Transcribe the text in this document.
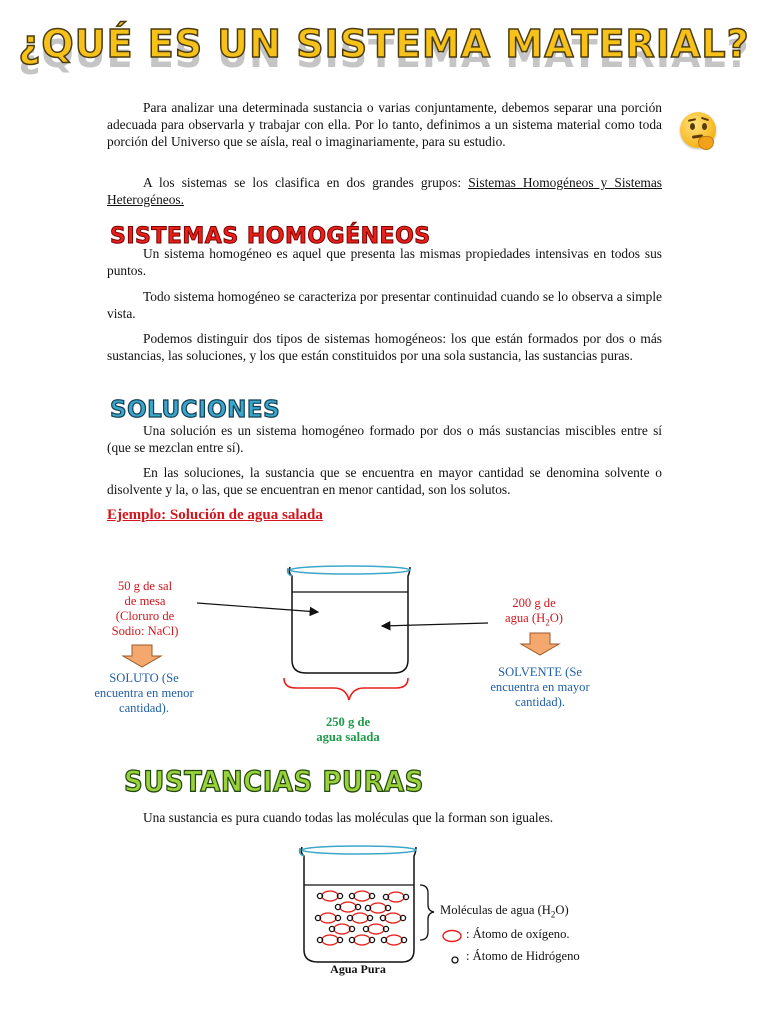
¿QUÉ ES UN SISTEMA MATERIAL?

Para analizar una determinada sustancia o varias conjuntamente, debemos separar una porción adecuada para observarla y trabajar con ella. Por lo tanto, definimos a un sistema material como toda porción del Universo que se aísla, real o imaginariamente, para su estudio.

A los sistemas se los clasifica en dos grandes grupos: Sistemas Homogéneos y Sistemas Heterogéneos.

SISTEMAS HOMOGÉNEOS

Un sistema homogéneo es aquel que presenta las mismas propiedades intensivas en todos sus puntos.

Todo sistema homogéneo se caracteriza por presentar continuidad cuando se lo observa a simple vista.

Podemos distinguir dos tipos de sistemas homogéneos: los que están formados por dos o más sustancias, las soluciones, y los que están constituidos por una sola sustancia, las sustancias puras.

SOLUCIONES

Una solución es un sistema homogéneo formado por dos o más sustancias miscibles entre sí (que se mezclan entre sí).

En las soluciones, la sustancia que se encuentra en mayor cantidad se denomina solvente o disolvente y la, o las, que se encuentran en menor cantidad, son los solutos.

Ejemplo: Solución de agua salada
50 g de sal
de mesa
(Cloruro de
Sodio: NaCl)
200 g de
agua $(H_2O)$
SOLUTO (Se
encuentra en menor
cantidad).
SOLVENTE (Se
encuentra en mayor
cantidad).
250 g de
agua salada
SUSTANCIAS PURAS

Una sustancia es pura cuando todas las moléculas que la forman son iguales.

Moléculas de agua $(H_2O)$
: Átomo de oxígeno.
: Átomo de Hidrógeno
Agua Pura
